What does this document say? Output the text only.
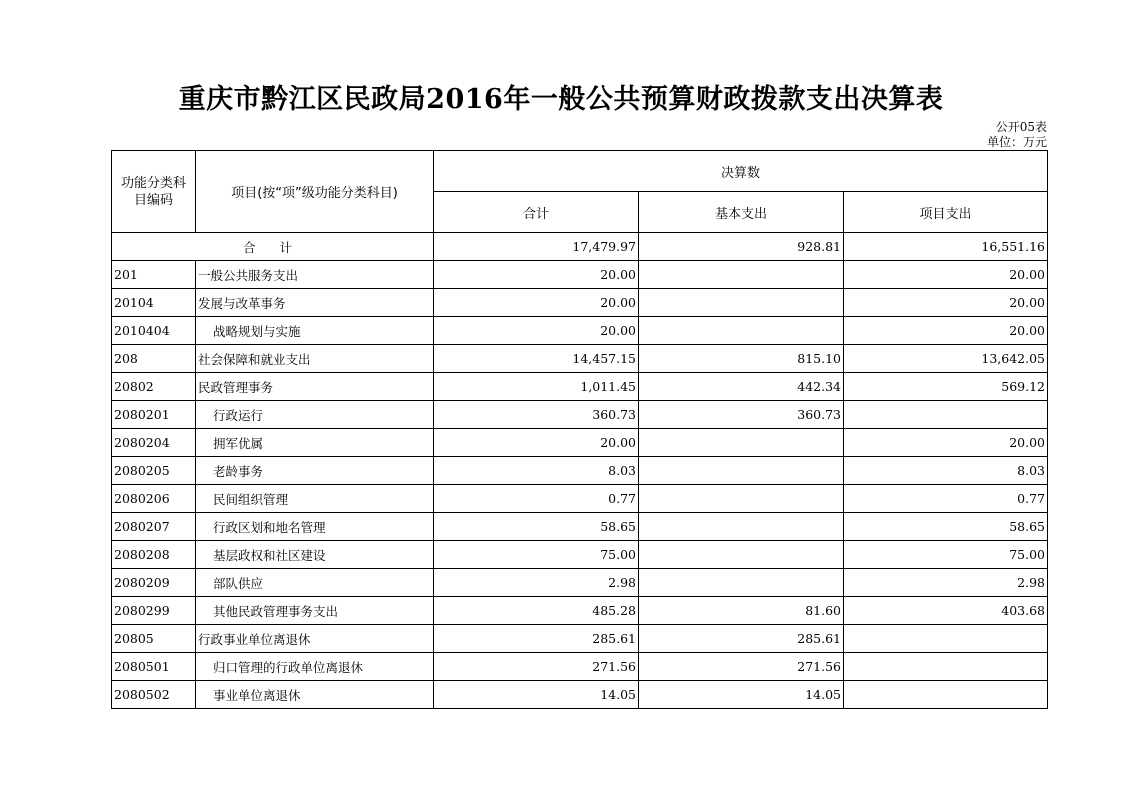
重庆市黔江区民政局2016年一般公共预算财政拨款支出决算表
公开05表
单位：万元
功能分类科目编码	项目(按“项”级功能分类科目)	决算数		
		合计	基本支出	项目支出
合 计		17,479.97	928.81	16,551.16
201	一般公共服务支出	20.00		20.00
20104	发展与改革事务	20.00		20.00
2010404	战略规划与实施	20.00		20.00
208	社会保障和就业支出	14,457.15	815.10	13,642.05
20802	民政管理事务	1,011.45	442.34	569.12
2080201	行政运行	360.73	360.73	
2080204	拥军优属	20.00		20.00
2080205	老龄事务	8.03		8.03
2080206	民间组织管理	0.77		0.77
2080207	行政区划和地名管理	58.65		58.65
2080208	基层政权和社区建设	75.00		75.00
2080209	部队供应	2.98		2.98
2080299	其他民政管理事务支出	485.28	81.60	403.68
20805	行政事业单位离退休	285.61	285.61	
2080501	归口管理的行政单位离退休	271.56	271.56	
2080502	事业单位离退休	14.05	14.05	
